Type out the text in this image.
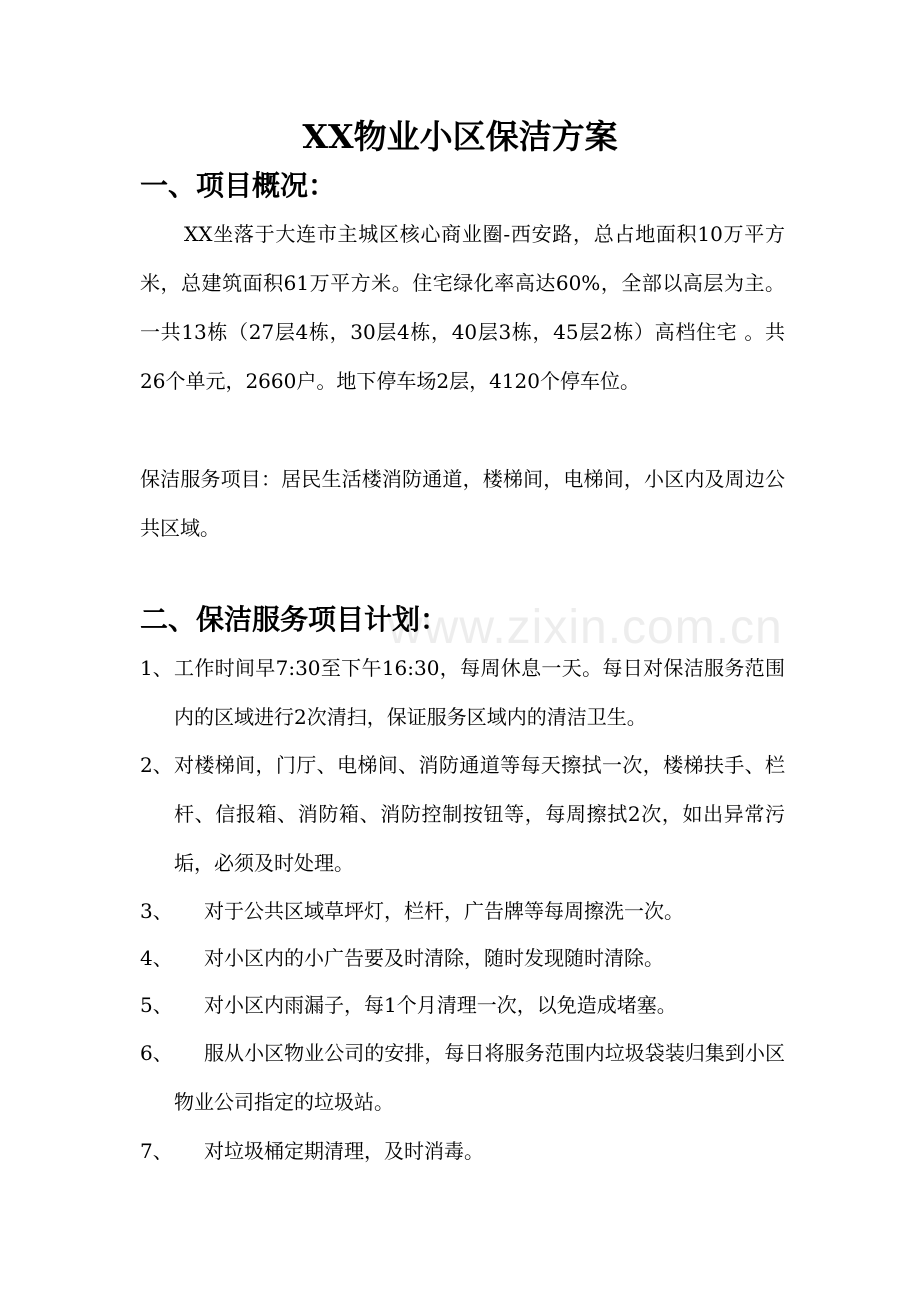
www.zixin.com.cn
XX物业小区保洁方案
一、项目概况：

XX坐落于大连市主城区核心商业圈-西安路，总占地面积10万平方米，总建筑面积61万平方米。住宅绿化率高达60%，全部以高层为主。一共13栋（27层4栋，30层4栋，40层3栋，45层2栋）高档住宅 。共26个单元，2660户。地下停车场2层，4120个停车位。

保洁服务项目：居民生活楼消防通道，楼梯间，电梯间，小区内及周边公共区域。

二、保洁服务项目计划：
1、 工作时间早7:30至下午16:30，每周休息一天。每日对保洁服务范围内的区域进行2次清扫，保证服务区域内的清洁卫生。
2、 对楼梯间，门厅、电梯间、消防通道等每天擦拭一次，楼梯扶手、栏杆、信报箱、消防箱、消防控制按钮等，每周擦拭2次，如出异常污垢，必须及时处理。
3、 对于公共区域草坪灯，栏杆，广告牌等每周擦洗一次。
4、 对小区内的小广告要及时清除，随时发现随时清除。
5、 对小区内雨漏子，每1个月清理一次，以免造成堵塞。
6、	服从小区物业公司的安排，每日将服务范围内垃圾袋装归集到小区物业公司指定的垃圾站。
7、 对垃圾桶定期清理，及时消毒。
